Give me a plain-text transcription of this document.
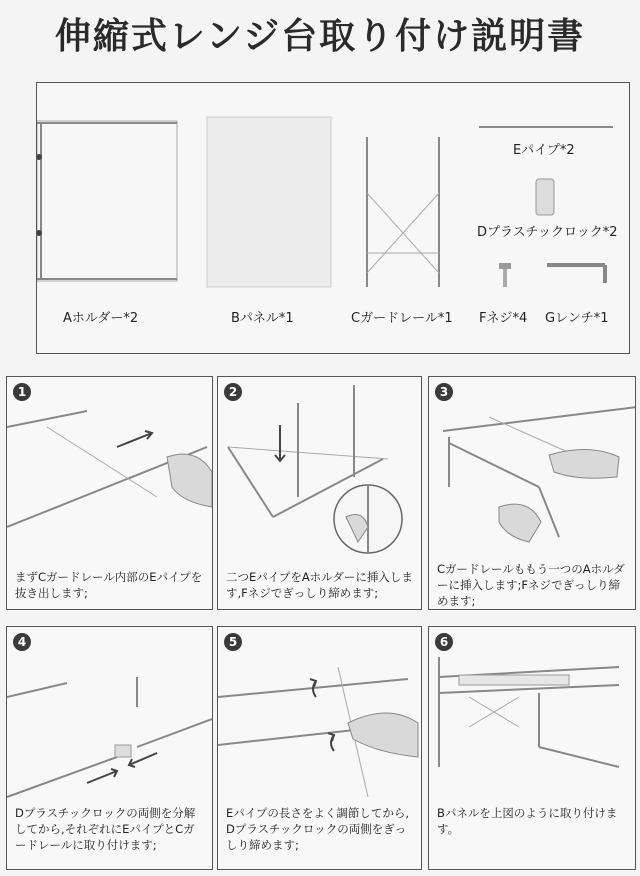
伸縮式レンジ台取り付け説明書
Aホルダー*2	Bパネル*1	Cガードレール*1
Eパイプ*2
Dプラスチックロック*2
Fネジ*4 Gレンチ*1
1
まずCガードレール内部のEパイプを抜き出します;
2
二つEパイプをAホルダーに挿入しま す,Fネジでぎっしり締めます;
3
Cガードレールももう一つのAホルダーに挿入します;Fネジでぎっしり締めます;
4
Dプラスチックロックの両側を分解してから,それぞれにEパイプとCガードレールに取り付けます;
5
Eパイプの長さをよく調節してから, Dプラスチックロックの両側をぎっしり締めます;
6
Bパネルを上図のように取り付けます。
